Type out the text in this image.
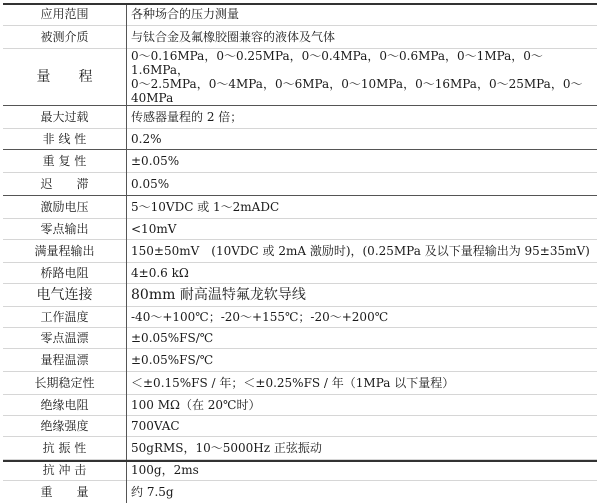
应用范围	各种场合的压力测量
被测介质	与钛合金及氟橡胶圈兼容的液体及气体
量　　程	0～0.16MPa，0～0.25MPa，0～0.4MPa，0～0.6MPa，0～1MPa，0～1.6MPa，
0～2.5MPa，0～4MPa，0～6MPa，0～10MPa，0～16MPa，0～25MPa，0～40MPa

最大过载	传感器量程的 2 倍；
非 线 性	0.2%
重 复 性	±0.05%
迟　　滞	0.05%
激励电压	5～10VDC 或 1～2mADC
零点输出	<10mV
满量程输出	150±50mV　(10VDC 或 2mA 激励时)，(0.25MPa 及以下量程输出为 95±35mV)
桥路电阻	4±0.6 kΩ
电气连接	80mm 耐高温特氟龙软导线
工作温度	-40～+100℃；-20～+155℃；-20～+200℃
零点温漂	±0.05%FS/℃
量程温漂	±0.05%FS/℃
长期稳定性	＜±0.15%FS / 年；＜±0.25%FS / 年（1MPa 以下量程）
绝缘电阻	100 MΩ（在 20℃时）
绝缘强度	700VAC
抗 振 性	50gRMS，10～5000Hz 正弦振动
抗 冲 击	100g，2ms
重　　量	约 7.5g
